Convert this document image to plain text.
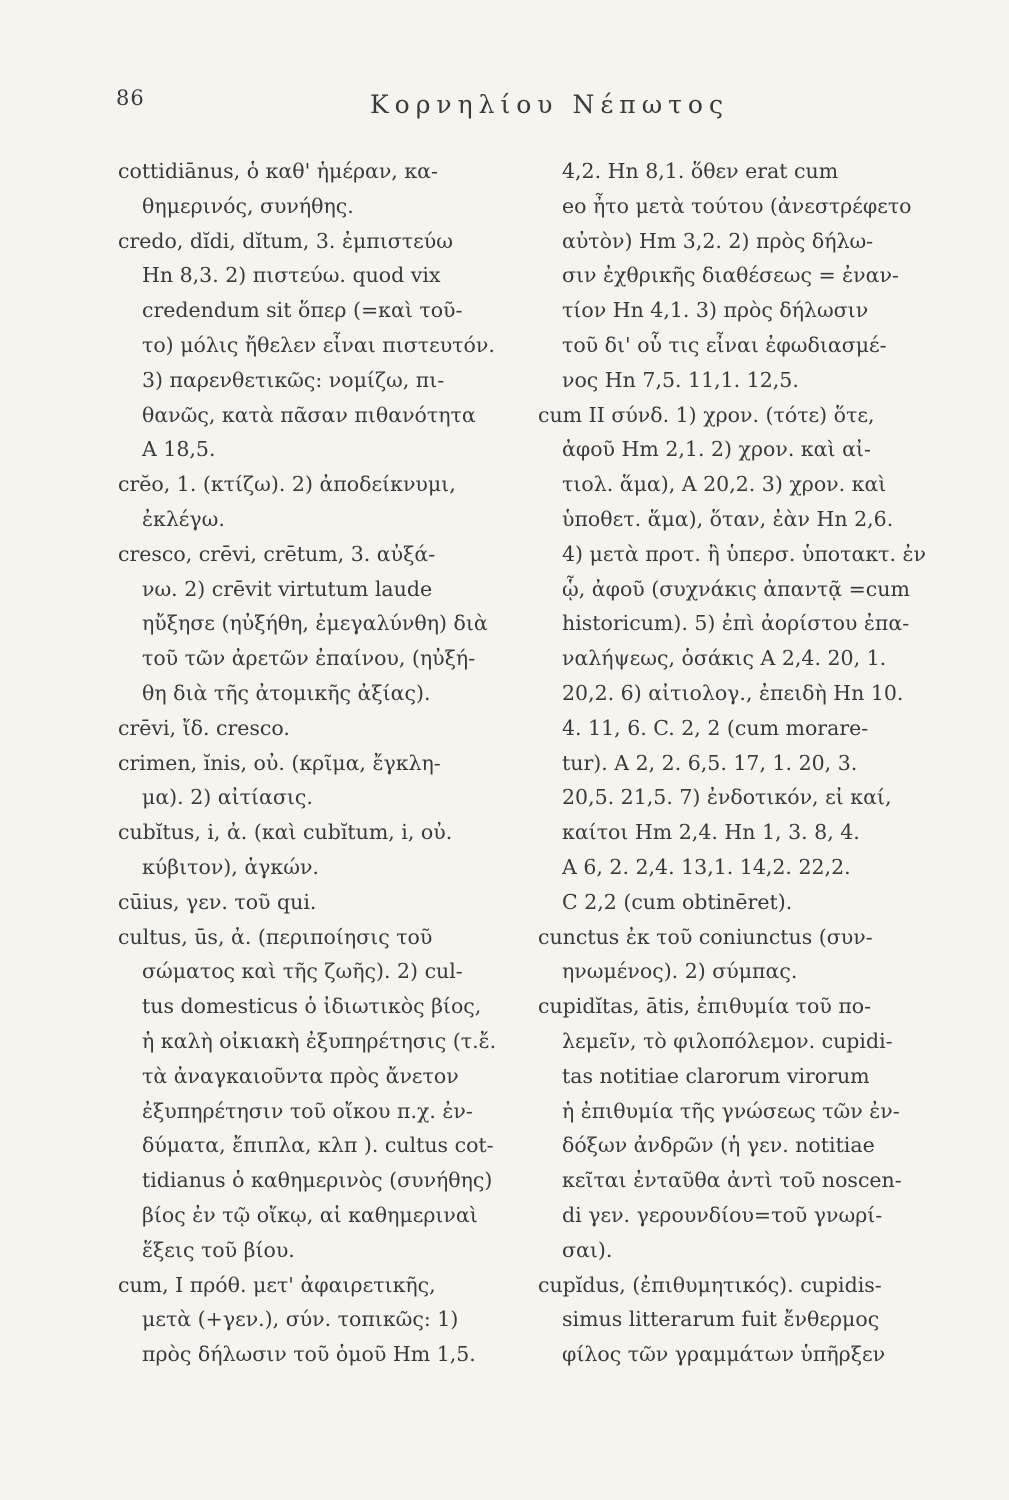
86	Κορνηλίου Νέπωτος
cottidiānus, ὁ καθ' ἡμέραν, κα-
θημερινός, συνήθης.
credo, dĭdi, dĭtum, 3. ἐμπιστεύω
Hn 8,3. 2) πιστεύω. quod vix
credendum sit ὅπερ (=καὶ τοῦ-
το) μόλις ἤθελεν εἶναι πιστευτόν.
3) παρενθετικῶς: νομίζω, πι-
θανῶς, κατὰ πᾶσαν πιθανότητα
A 18,5.
crĕo, 1. (κτίζω). 2) ἀποδείκνυμι,
ἐκλέγω.
cresco, crēvi, crētum, 3. αὐξά-
νω. 2) crēvit virtutum laude
ηὔξησε (ηὐξήθη, ἐμεγαλύνθη) διὰ
τοῦ τῶν ἀρετῶν ἐπαίνου, (ηὐξή-
θη διὰ τῆς ἀτομικῆς ἀξίας).
crēvi, ἴδ. cresco.
crimen, ĭnis, οὐ. (κρῖμα, ἔγκλη-
μα). 2) αἰτίασις.
cubĭtus, i, ἀ. (καὶ cubĭtum, i, οὐ.
κύβιτον), ἀγκών.
cūius, γεν. τοῦ qui.
cultus, ūs, ἀ. (περιποίησις τοῦ
σώματος καὶ τῆς ζωῆς). 2) cul-
tus domesticus ὁ ἰδιωτικὸς βίος,
ἡ καλὴ οἰκιακὴ ἐξυπηρέτησις (τ.ἔ.
τὰ ἀναγκαιοῦντα πρὸς ἄνετον
ἐξυπηρέτησιν τοῦ οἴκου π.χ. ἐν-
δύματα, ἔπιπλα, κλπ ). cultus cot-
tidianus ὁ καθημερινὸς (συνήθης)
βίος ἐν τῷ οἴκῳ, αἱ καθημεριναὶ
ἕξεις τοῦ βίου.
cum, I πρόθ. μετ' ἀφαιρετικῆς,
μετὰ (+γεν.), σύν. τοπικῶς: 1)
πρὸς δήλωσιν τοῦ ὁμοῦ Hm 1,5.
4,2. Hn 8,1. ὅθεν erat cum
eo ἦτο μετὰ τούτου (ἀνεστρέφετο
αὐτὸν) Hm 3,2. 2) πρὸς δήλω-
σιν ἐχθρικῆς διαθέσεως = ἐναν-
τίον Hn 4,1. 3) πρὸς δήλωσιν
τοῦ δι' οὗ τις εἶναι ἐφωδιασμέ-
νος Hn 7,5. 11,1. 12,5.
cum II σύνδ. 1) χρον. (τότε) ὅτε,
ἀφοῦ Hm 2,1. 2) χρον. καὶ αἰ-
τιολ. ἅμα), A 20,2. 3) χρον. καὶ
ὑποθετ. ἅμα), ὅταν, ἐὰν Hn 2,6.
4) μετὰ προτ. ἢ ὑπερσ. ὑποτακτ. ἐν
ᾧ, ἀφοῦ (συχνάκις ἀπαντᾷ =cum
historicum). 5) ἐπὶ ἀορίστου ἐπα-
ναλήψεως, ὁσάκις A 2,4. 20, 1.
20,2. 6) αἰτιολογ., ἐπειδὴ Hn 10.
4. 11, 6. C. 2, 2 (cum morare-
tur). A 2, 2. 6,5. 17, 1. 20, 3.
20,5. 21,5. 7) ἐνδοτικόν, εἰ καί,
καίτοι Hm 2,4. Hn 1, 3. 8, 4.
A 6, 2. 2,4. 13,1. 14,2. 22,2.
C 2,2 (cum obtinēret).
cunctus ἐκ τοῦ coniunctus (συν-
ηνωμένος). 2) σύμπας.
cupidĭtas, ātis, ἐπιθυμία τοῦ πο-
λεμεῖν, τὸ φιλοπόλεμον. cupidi-
tas notitiae clarorum virorum
ἡ ἐπιθυμία τῆς γνώσεως τῶν ἐν-
δόξων ἀνδρῶν (ἡ γεν. notitiae
κεῖται ἐνταῦθα ἀντὶ τοῦ noscen-
di γεν. γερουνδίου=τοῦ γνωρί-
σαι).
cupĭdus, (ἐπιθυμητικός). cupidis-
simus litterarum fuit ἔνθερμος
φίλος τῶν γραμμάτων ὑπῆρξεν
